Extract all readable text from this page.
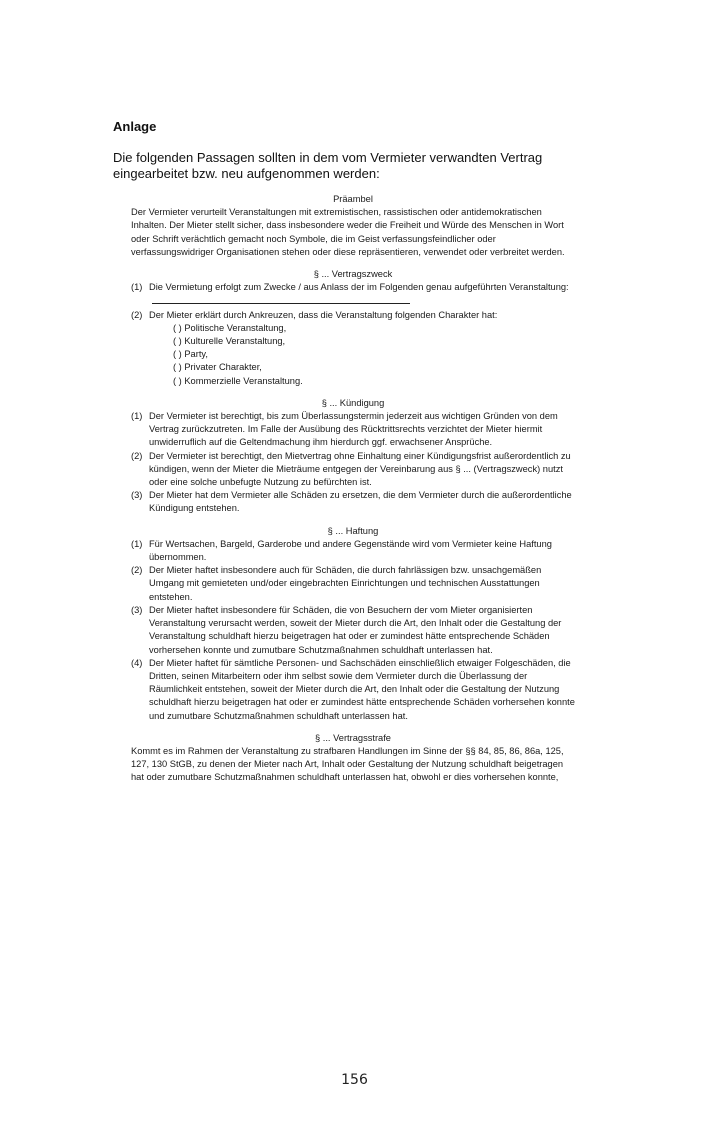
Anlage
Die folgenden Passagen sollten in dem vom Vermieter verwandten Vertrag eingearbeitet bzw. neu aufgenommen werden:

Präambel

Der Vermieter verurteilt Veranstaltungen mit extremistischen, rassistischen oder antidemokratischen Inhalten. Der Mieter stellt sicher, dass insbesondere weder die Freiheit und Würde des Menschen in Wort oder Schrift verächtlich gemacht noch Symbole, die im Geist verfassungsfeindlicher oder verfassungswidriger Organisationen stehen oder diese repräsentieren, verwendet oder verbreitet werden.

§ ... Vertragszweck

(1) Die Vermietung erfolgt zum Zwecke / aus Anlass der im Folgenden genau aufgeführten Veranstaltung:
(2) Der Mieter erklärt durch Ankreuzen, dass die Veranstaltung folgenden Charakter hat:
( ) Politische Veranstaltung,
( ) Kulturelle Veranstaltung,
( ) Party,
( ) Privater Charakter,
( ) Kommerzielle Veranstaltung.

§ ... Kündigung

(1) Der Vermieter ist berechtigt, bis zum Überlassungstermin jederzeit aus wichtigen Gründen von dem Vertrag zurückzutreten. Im Falle der Ausübung des Rücktrittsrechts verzichtet der Mieter hiermit unwiderruflich auf die Geltendmachung ihm hierdurch ggf. erwachsener Ansprüche.
(2) Der Vermieter ist berechtigt, den Mietvertrag ohne Einhaltung einer Kündigungsfrist außerordentlich zu kündigen, wenn der Mieter die Mieträume entgegen der Vereinbarung aus § ... (Vertragszweck) nutzt oder eine solche unbefugte Nutzung zu befürchten ist.
(3) Der Mieter hat dem Vermieter alle Schäden zu ersetzen, die dem Vermieter durch die außerordentliche Kündigung entstehen.

§ ... Haftung

(1) Für Wertsachen, Bargeld, Garderobe und andere Gegenstände wird vom Vermieter keine Haftung übernommen.
(2) Der Mieter haftet insbesondere auch für Schäden, die durch fahrlässigen bzw. unsachgemäßen Umgang mit gemieteten und/oder eingebrachten Einrichtungen und technischen Ausstattungen entstehen.
(3) Der Mieter haftet insbesondere für Schäden, die von Besuchern der vom Mieter organisierten Veranstaltung verursacht werden, soweit der Mieter durch die Art, den Inhalt oder die Gestaltung der Veranstaltung schuldhaft hierzu beigetragen hat oder er zumindest hätte entsprechende Schäden vorhersehen konnte und zumutbare Schutzmaßnahmen schuldhaft unterlassen hat.
(4) Der Mieter haftet für sämtliche Personen- und Sachschäden einschließlich etwaiger Folgeschäden, die Dritten, seinen Mitarbeitern oder ihm selbst sowie dem Vermieter durch die Überlassung der Räumlichkeit entstehen, soweit der Mieter durch die Art, den Inhalt oder die Gestaltung der Nutzung schuldhaft hierzu beigetragen hat oder er zumindest hätte entsprechende Schäden vorhersehen konnte und zumutbare Schutzmaßnahmen schuldhaft unterlassen hat.

§ ... Vertragsstrafe

Kommt es im Rahmen der Veranstaltung zu strafbaren Handlungen im Sinne der §§ 84, 85, 86, 86a, 125, 127, 130 StGB, zu denen der Mieter nach Art, Inhalt oder Gestaltung der Nutzung schuldhaft beigetragen hat oder zumutbare Schutzmaßnahmen schuldhaft unterlassen hat, obwohl er dies vorhersehen konnte,

156
